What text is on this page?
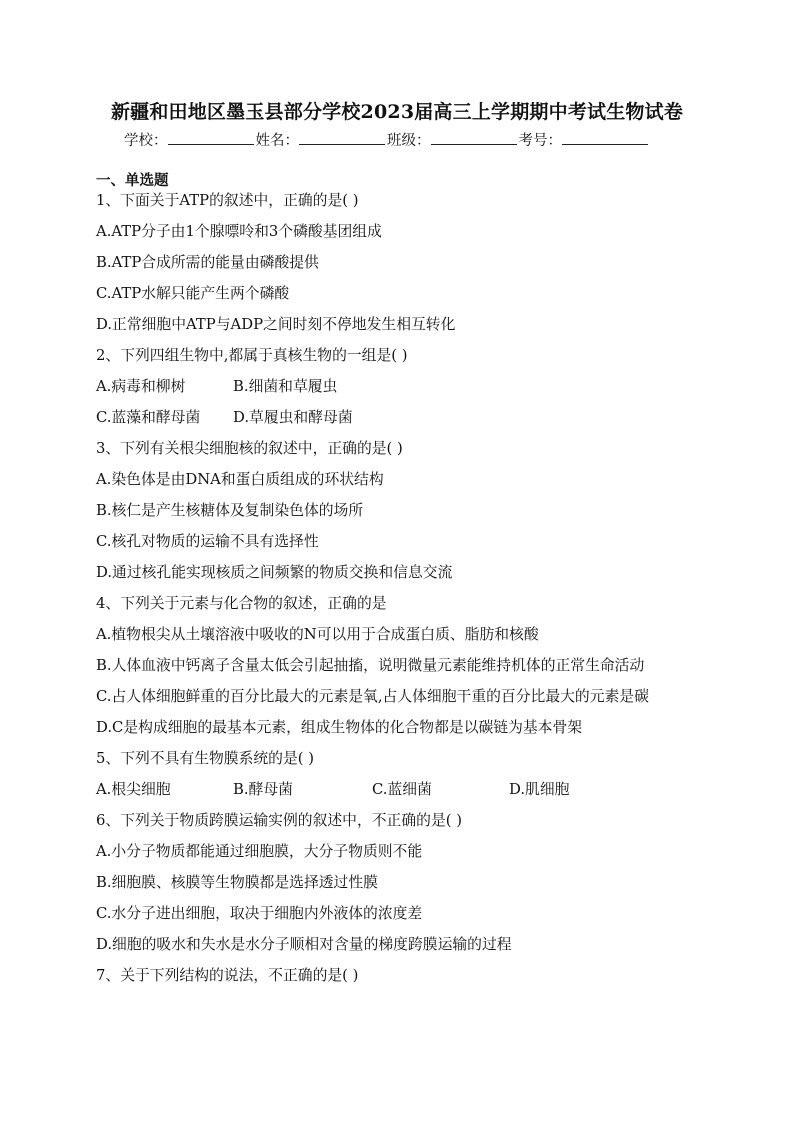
新疆和田地区墨玉县部分学校2023届高三上学期期中考试生物试卷
学校：	姓名：	班级：	考号：
一、单选题
1、下面关于ATP的叙述中，正确的是( )
A.ATP分子由1个腺嘌呤和3个磷酸基团组成
B.ATP合成所需的能量由磷酸提供
C.ATP水解只能产生两个磷酸
D.正常细胞中ATP与ADP之间时刻不停地发生相互转化
2、下列四组生物中,都属于真核生物的一组是( )
A.病毒和柳树	B.细菌和草履虫
C.蓝藻和酵母菌 D.草履虫和酵母菌
3、下列有关根尖细胞核的叙述中，正确的是( )
A.染色体是由DNA和蛋白质组成的环状结构
B.核仁是产生核糖体及复制染色体的场所
C.核孔对物质的运输不具有选择性
D.通过核孔能实现核质之间频繁的物质交换和信息交流
4、下列关于元素与化合物的叙述，正确的是
A.植物根尖从土壤溶液中吸收的N可以用于合成蛋白质、脂肪和核酸
B.人体血液中钙离子含量太低会引起抽搐，说明微量元素能维持机体的正常生命活动
C.占人体细胞鲜重的百分比最大的元素是氧,占人体细胞干重的百分比最大的元素是碳
D.C是构成细胞的最基本元素，组成生物体的化合物都是以碳链为基本骨架
5、下列不具有生物膜系统的是( )
A.根尖细胞	B.酵母菌	C.蓝细菌	D.肌细胞
6、下列关于物质跨膜运输实例的叙述中，不正确的是( )
A.小分子物质都能通过细胞膜，大分子物质则不能
B.细胞膜、核膜等生物膜都是选择透过性膜
C.水分子进出细胞，取决于细胞内外液体的浓度差
D.细胞的吸水和失水是水分子顺相对含量的梯度跨膜运输的过程
7、关于下列结构的说法，不正确的是( )
